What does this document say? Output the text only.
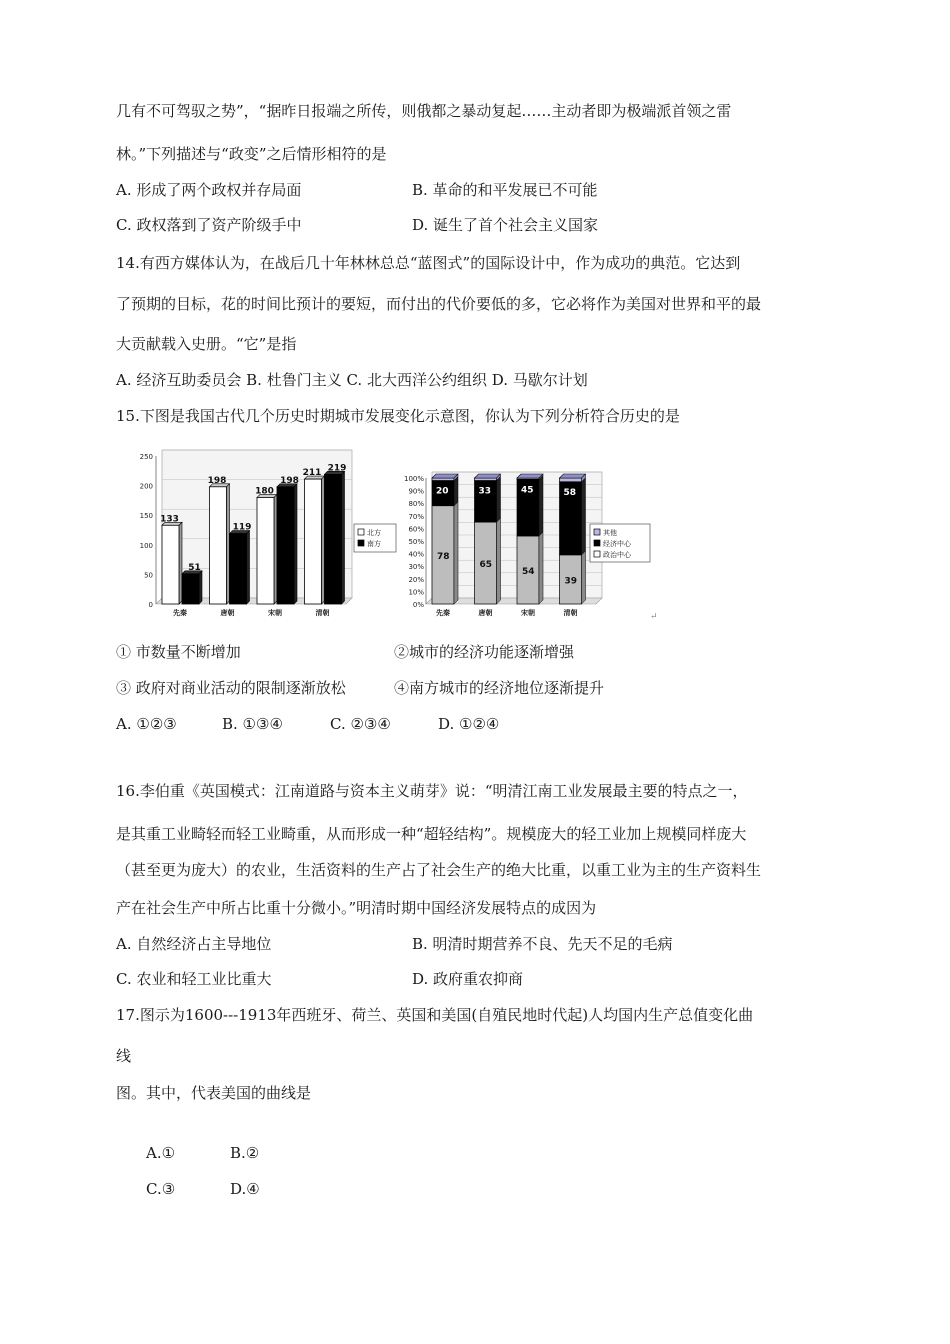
几有不可驾驭之势”，“据昨日报端之所传，则俄都之暴动复起……主动者即为极端派首领之雷
林。”下列描述与“政变”之后情形相符的是
A. 形成了两个政权并存局面	B. 革命的和平发展已不可能
C. 政权落到了资产阶级手中	D. 诞生了首个社会主义国家
14.有西方媒体认为，在战后几十年林林总总“蓝图式”的国际设计中，作为成功的典范。它达到
了预期的目标，花的时间比预计的要短，而付出的代价要低的多，它必将作为美国对世界和平的最
大贡献载入史册。“它”是指
A. 经济互助委员会 B. 杜鲁门主义 C. 北大西洋公约组织 D. 马歇尔计划
15.下图是我国古代几个历史时期城市发展变化示意图，你认为下列分析符合历史的是
133
51
198
119
180
198
211 219
0
50
100
150
200
250
先秦	唐朝	宋朝	清朝
北方
南方
78
20
65
33
54
45
39
58
0%
10%
20%
30%
40%
50%
60%
70%
80%
90%
100%
先秦	唐朝	宋朝	清朝
其他
经济中心
政治中心
↵
① 市数量不断增加	②城市的经济功能逐渐增强
③ 政府对商业活动的限制逐渐放松	④南方城市的经济地位逐渐提升
A. ①②③	B. ①③④	C. ②③④	D. ①②④
16.李伯重《英国模式：江南道路与资本主义萌芽》说：“明清江南工业发展最主要的特点之一，
是其重工业畸轻而轻工业畸重，从而形成一种“超轻结构”。规模庞大的轻工业加上规模同样庞大
（甚至更为庞大）的农业，生活资料的生产占了社会生产的绝大比重，以重工业为主的生产资料生
产在社会生产中所占比重十分微小。”明清时期中国经济发展特点的成因为
A. 自然经济占主导地位	B. 明清时期营养不良、先天不足的毛病
C. 农业和轻工业比重大	D. 政府重农抑商
17.图示为1600---1913年西班牙、荷兰、英国和美国(自殖民地时代起)人均国内生产总值变化曲
线
图。其中，代表美国的曲线是
A.①	B.②
C.③	D.④
